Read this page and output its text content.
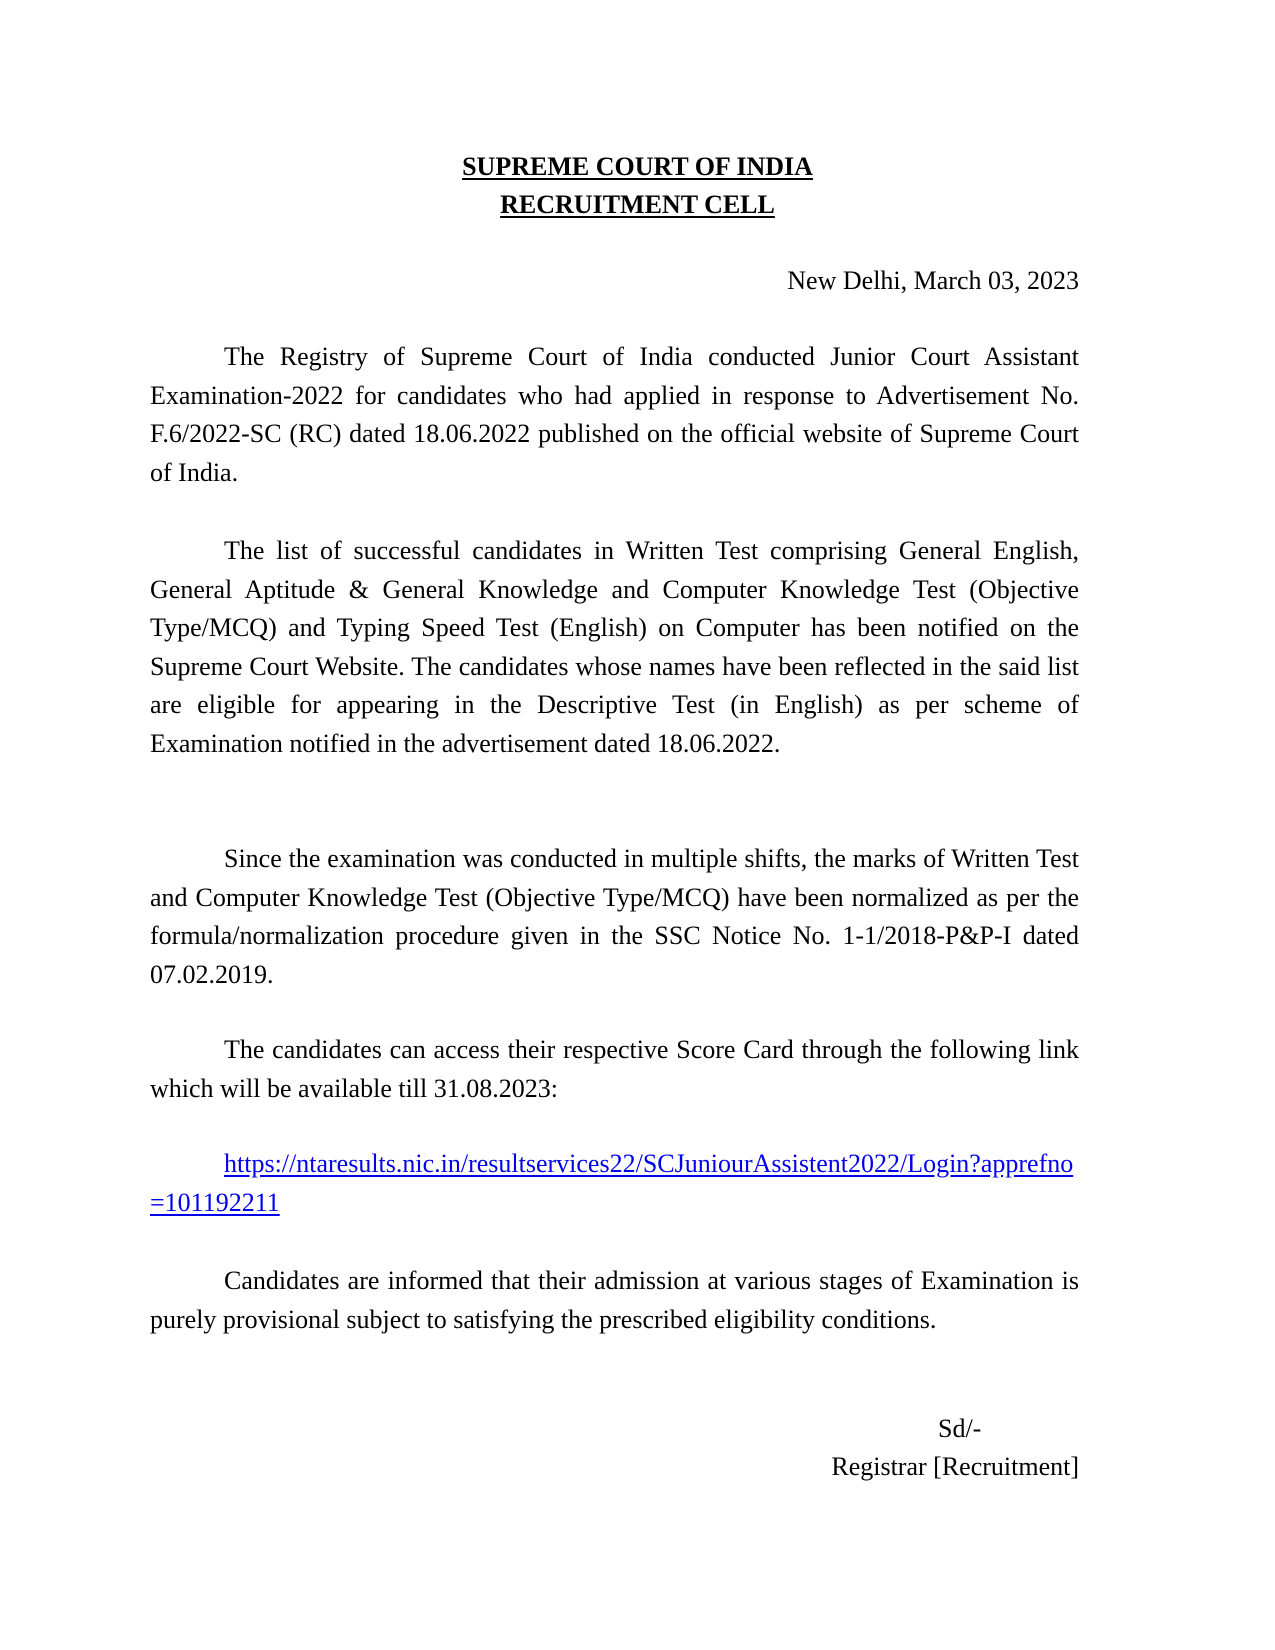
SUPREME COURT OF INDIA
RECRUITMENT CELL
New Delhi, March 03, 2023

The Registry of Supreme Court of India conducted Junior Court Assistant Examination-2022 for candidates who had applied in response to Advertisement No. F.6/2022-SC (RC) dated 18.06.2022 published on the official website of Supreme Court of India.

The list of successful candidates in Written Test comprising General English, General Aptitude & General Knowledge and Computer Knowledge Test (Objective Type/MCQ) and Typing Speed Test (English) on Computer has been notified on the Supreme Court Website. The candidates whose names have been reflected in the said list are eligible for appearing in the Descriptive Test (in English) as per scheme of Examination notified in the advertisement dated 18.06.2022.

Since the examination was conducted in multiple shifts, the marks of Written Test and Computer Knowledge Test (Objective Type/MCQ) have been normalized as per the formula/normalization procedure given in the SSC Notice No. 1-1/2018-P&P-I dated 07.02.2019.

The candidates can access their respective Score Card through the following link which will be available till 31.08.2023:

https://ntaresults.nic.in/resultservices22/SCJuniourAssistent2022/Login?apprefno=101192211

Candidates are informed that their admission at various stages of Examination is purely provisional subject to satisfying the prescribed eligibility conditions.

Sd/-
Registrar [Recruitment]
